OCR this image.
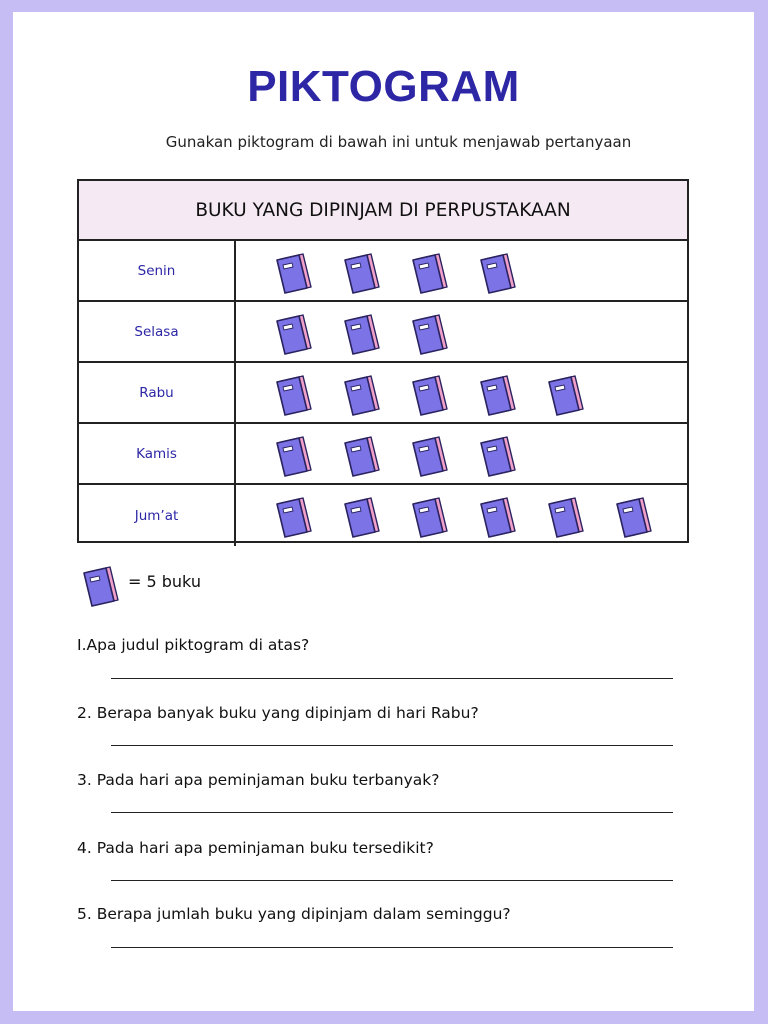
PIKTOGRAM
Gunakan piktogram di bawah ini untuk menjawab pertanyaan
BUKU YANG DIPINJAM DI PERPUSTAKAAN
Senin
Selasa
Rabu
Kamis
Jum’at
= 5 buku
I.Apa judul piktogram di atas?
2. Berapa banyak buku yang dipinjam di hari Rabu?
3. Pada hari apa peminjaman buku terbanyak?
4. Pada hari apa peminjaman buku tersedikit?
5. Berapa jumlah buku yang dipinjam dalam seminggu?
